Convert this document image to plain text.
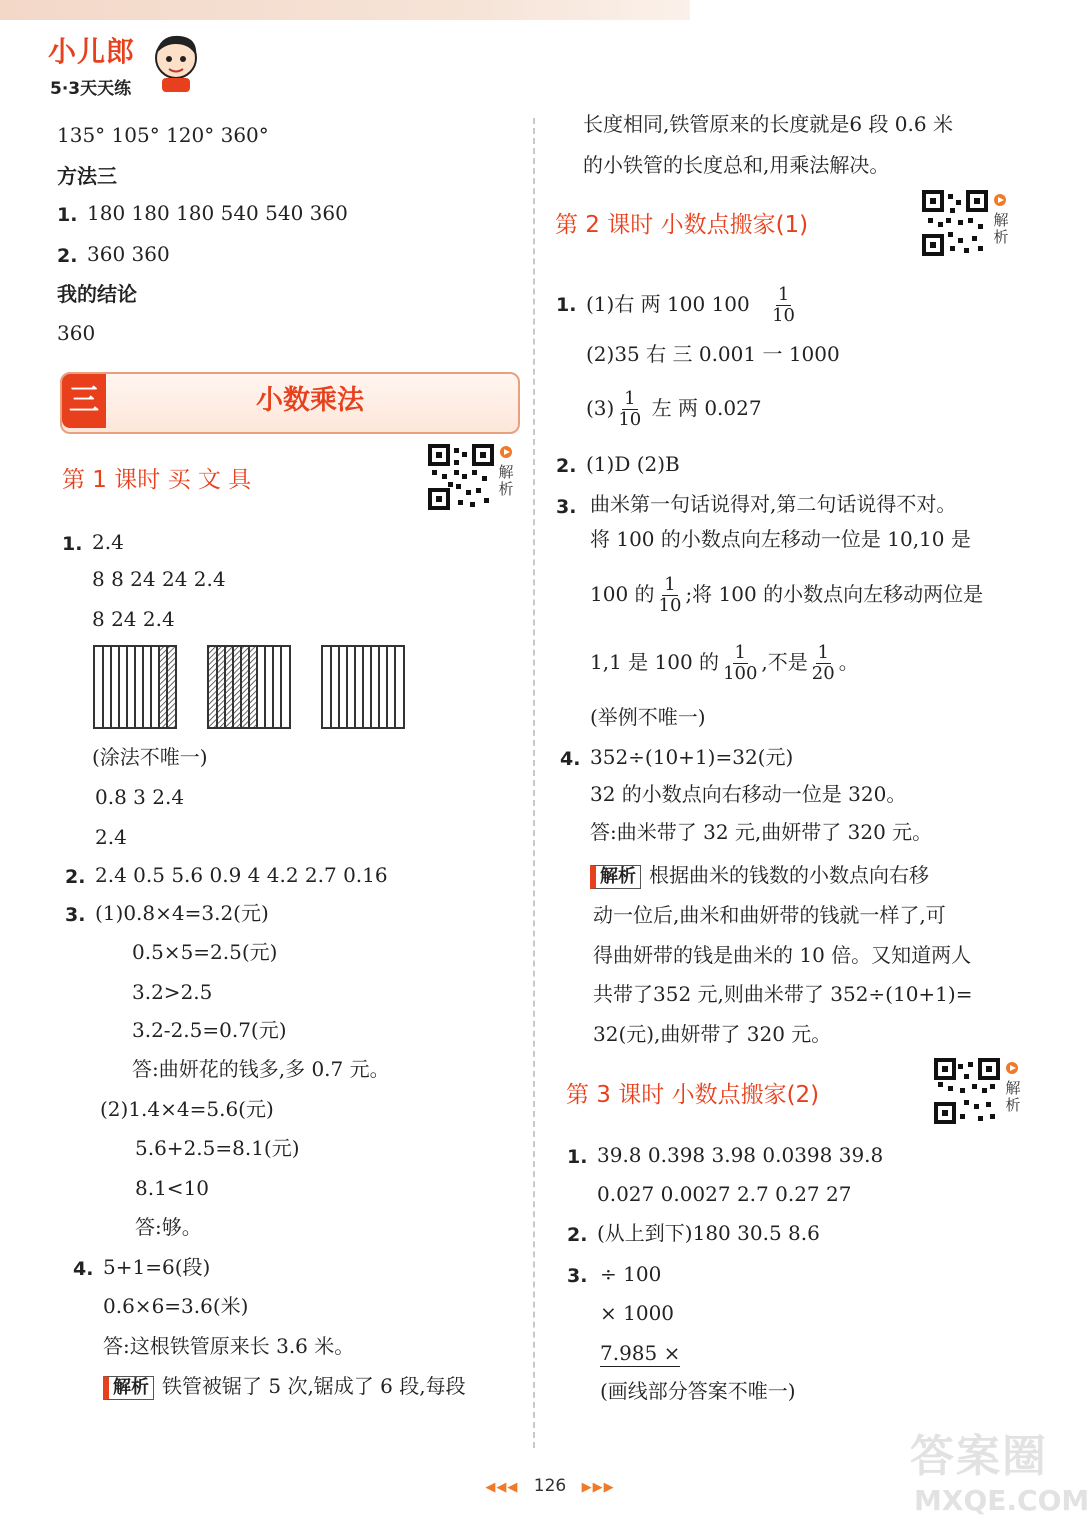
小儿郎
5·3天天练
135° 105° 120° 360°
方法三
1. 180 180 180 540 540 360
2. 360 360
我的结论
360
三	小数乘法
第 1 课时 买 文 具	解析
1. 2.4
8 8 24 24 2.4
8 24 2.4
(涂法不唯一)
0.8 3 2.4
2.4
2. 2.4 0.5 5.6 0.9 4 4.2 2.7 0.16
3. (1)0.8×4=3.2(元)
0.5×5=2.5(元)
3.2>2.5
3.2-2.5=0.7(元)
答:曲妍花的钱多,多 0.7 元。
(2)1.4×4=5.6(元)
5.6+2.5=8.1(元)
8.1<10
答:够。
4. 5+1=6(段)
0.6×6=3.6(米)
答:这根铁管原来长 3.6 米。
解析 铁管被锯了 5 次,锯成了 6 段,每段
长度相同,铁管原来的长度就是6 段 0.6 米
的小铁管的长度总和,用乘法解决。
第 2 课时 小数点搬家(1)	解析
1. (1)右 两 100 $100 \frac{1}{10}$
(2)35 右 三 0.001 一 1000
$(3) \frac{1}{10}$ 左 两 0.027
2. (1)D (2)B
3. 曲米第一句话说得对,第二句话说得不对。
将 100 的小数点向左移动一位是 10,10 是
100 的 $\frac{1}{10}$ ;将 100 的小数点向左移动两位是
1,1 是 100 的 $\frac{1}{100}$ ,不是 $\frac{1}{20}$ 。
(举例不唯一)
4. 352÷(10+1)=32(元)
32 的小数点向右移动一位是 320。
答:曲米带了 32 元,曲妍带了 320 元。
解析 根据曲米的钱数的小数点向右移
动一位后,曲米和曲妍带的钱就一样了,可
得曲妍带的钱是曲米的 10 倍。又知道两人
共带了352 元,则曲米带了 352÷(10+1)=
32(元),曲妍带了 320 元。
第 3 课时 小数点搬家(2)	解析
1. 39.8 0.398 3.98 0.0398 39.8
0.027 0.0027 2.7 0.27 27
2. (从上到下)180 30.5 8.6
3. ÷ 100
× 1000
7.985 ×
(画线部分答案不唯一)
◀◀◀ 126 ▶▶▶
答案圈
MXQE.COM
